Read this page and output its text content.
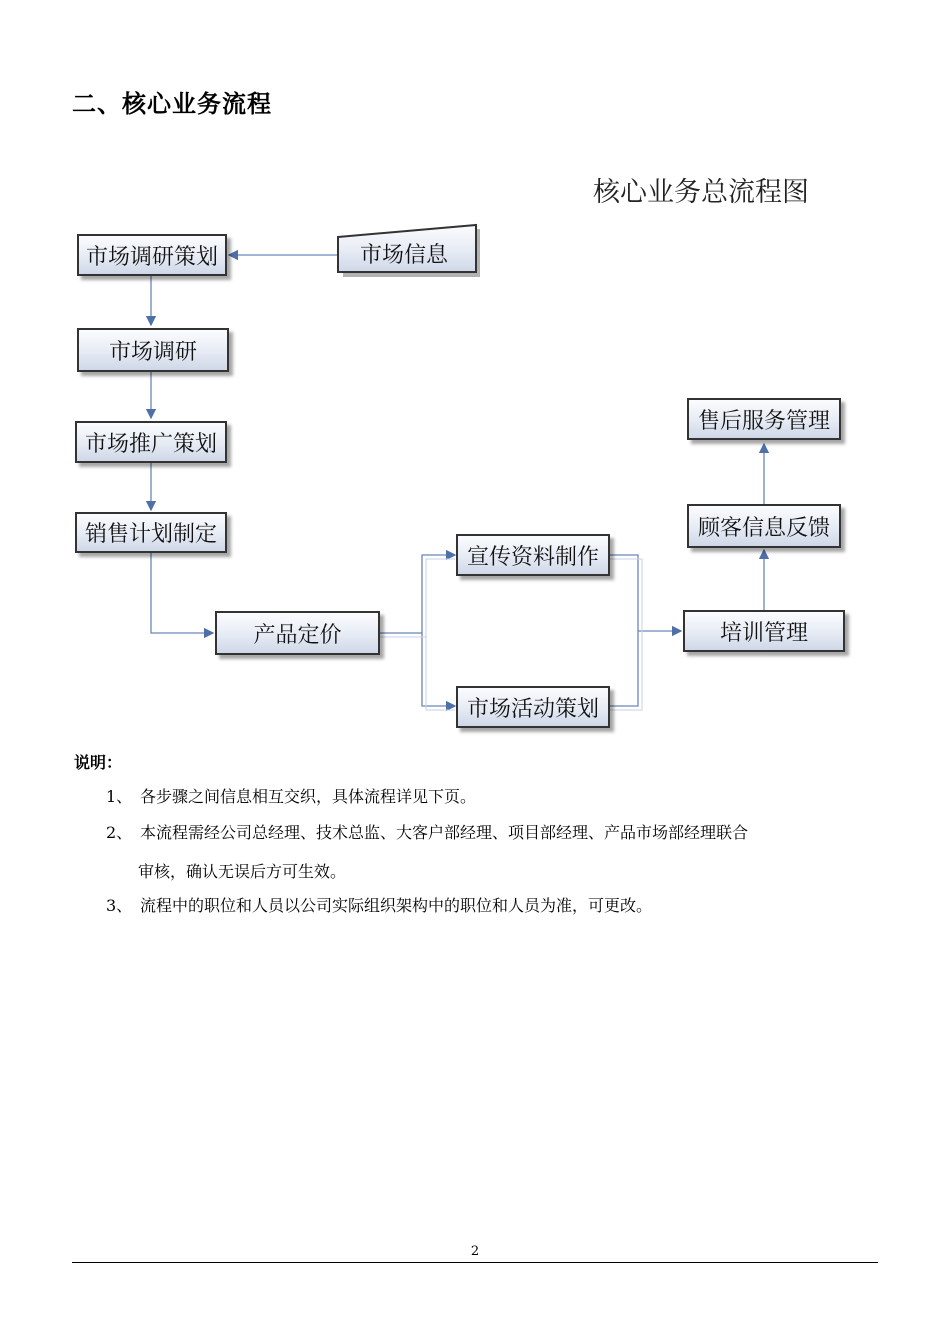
二、核心业务流程
核心业务总流程图
市场信息
市场调研策划
市场调研
市场推广策划
销售计划制定
产品定价
宣传资料制作
市场活动策划
培训管理
顾客信息反馈
售后服务管理
说明：
1、 各步骤之间信息相互交织，具体流程详见下页。
2、 本流程需经公司总经理、技术总监、大客户部经理、项目部经理、产品市场部经理联合
审核，确认无误后方可生效。
3、 流程中的职位和人员以公司实际组织架构中的职位和人员为准，可更改。
2
